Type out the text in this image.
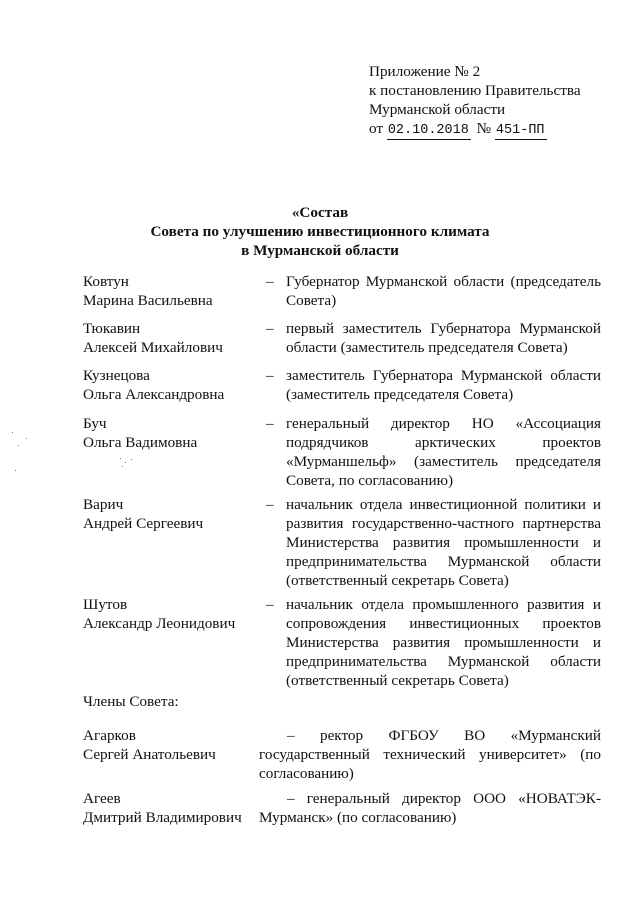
Приложение № 2
к постановлению Правительства
Мурманской области
от 02.10.2018 № 451-ПП
«Состав
Совета по улучшению инвестиционного климата
в Мурманской области
Ковтун
Марина Васильевна
– Губернатор Мурманской области (председатель Совета)
Тюкавин
Алексей Михайлович
– первый заместитель Губернатора Мурманской области (заместитель председателя Совета)
Кузнецова
Ольга Александровна
– заместитель Губернатора Мурманской области (заместитель председателя Совета)
Буч
Ольга Вадимовна
– генеральный директор НО «Ассоциация подрядчиков арктических проектов «Мурманшельф» (заместитель председателя Совета, по согласованию)
Варич
Андрей Сергеевич
– начальник отдела инвестиционной политики и развития государственно-частного партнерства Министерства развития промышленности и предпринимательства Мурманской области (ответственный секретарь Совета)
Шутов
Александр Леонидович
– начальник отдела промышленного развития и сопровождения инвестиционных проектов Министерства развития промышленности и предпринимательства Мурманской области (ответственный секретарь Совета)
Члены Совета:
Агарков
Сергей Анатольевич
– ректор ФГБОУ ВО «Мурманский государственный технический университет» (по согласованию)
Агеев
Дмитрий Владимирович
– генеральный директор ООО «НОВАТЭК-Мурманск» (по согласованию)
